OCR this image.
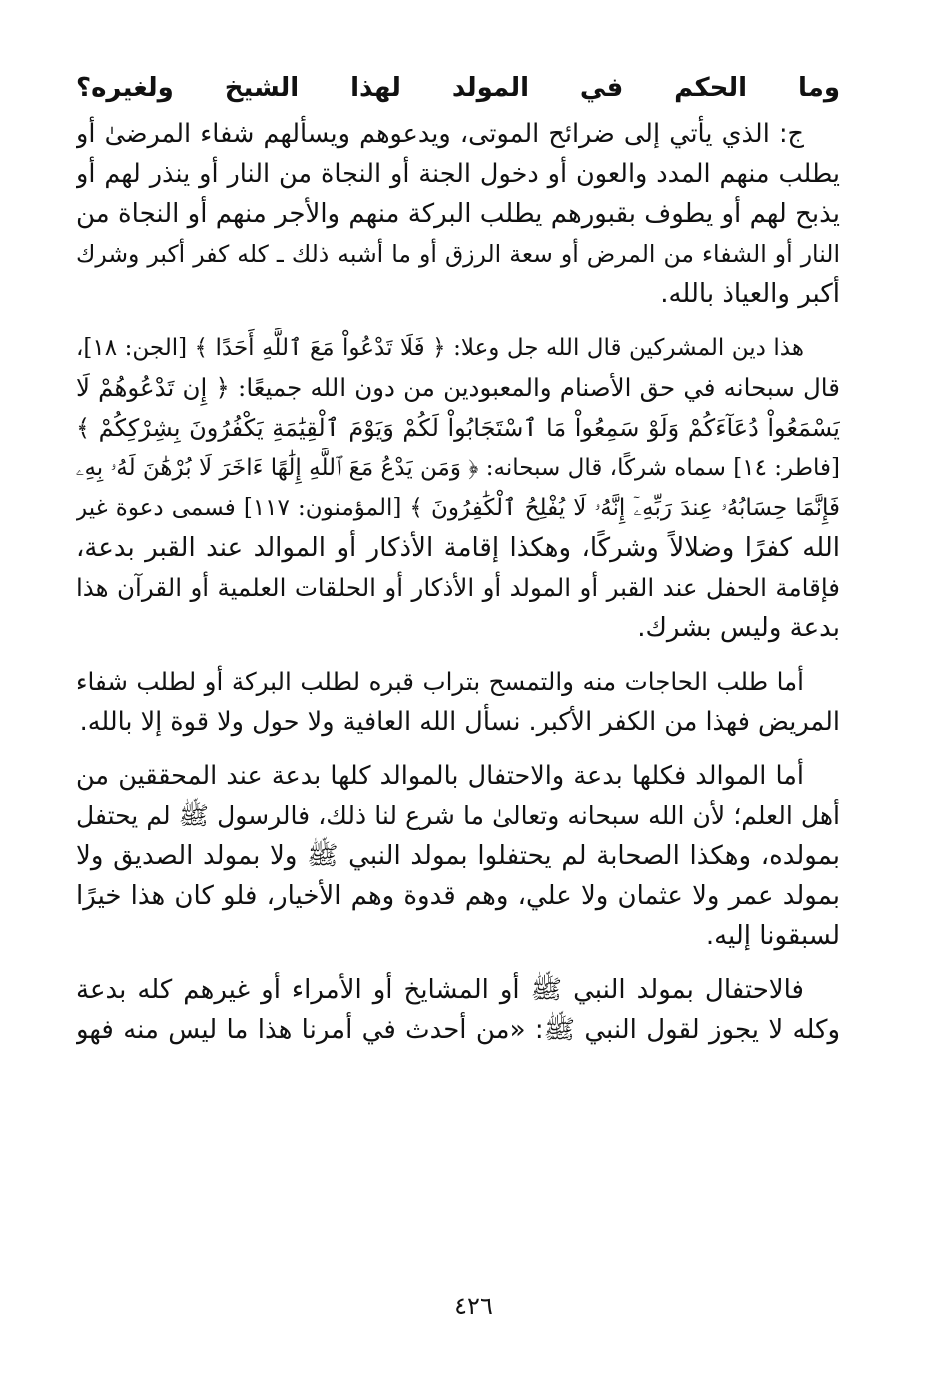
وما الحكم في المولد لهذا الشيخ ولغيره؟
ج: الذي يأتي إلى ضرائح الموتى، ويدعوهم ويسألهم شفاء المرضىٰ أو
يطلب منهم المدد والعون أو دخول الجنة أو النجاة من النار أو ينذر لهم أو
يذبح لهم أو يطوف بقبورهم يطلب البركة منهم والأجر منهم أو النجاة من
النار أو الشفاء من المرض أو سعة الرزق أو ما أشبه ذلك ـ كله كفر أكبر وشرك
أكبر والعياذ بالله.
هذا دين المشركين قال الله جل وعلا: ﴿ فَلَا تَدْعُواْ مَعَ ٱللَّهِ أَحَدًا ﴾ [الجن: ١٨]،
قال سبحانه في حق الأصنام والمعبودين من دون الله جميعًا: ﴿ إِن تَدْعُوهُمْ لَا
يَسْمَعُواْ دُعَآءَكُمْ وَلَوْ سَمِعُواْ مَا ٱسْتَجَابُواْ لَكُمْ وَيَوْمَ ٱلْقِيَٰمَةِ يَكْفُرُونَ بِشِرْكِكُمْ ﴾
[فاطر: ١٤] سماه شركًا، قال سبحانه: ﴿ وَمَن يَدْعُ مَعَ ٱللَّهِ إِلَٰهًا ءَاخَرَ لَا بُرْهَٰنَ لَهُۥ بِهِۦ
فَإِنَّمَا حِسَابُهُۥ عِندَ رَبِّهِۦٓ إِنَّهُۥ لَا يُفْلِحُ ٱلْكَٰفِرُونَ ﴾ [المؤمنون: ١١٧] فسمى دعوة غير
الله كفرًا وضلالاً وشركًا، وهكذا إقامة الأذكار أو الموالد عند القبر بدعة،
فإقامة الحفل عند القبر أو المولد أو الأذكار أو الحلقات العلمية أو القرآن هذا
بدعة وليس بشرك.
أما طلب الحاجات منه والتمسح بتراب قبره لطلب البركة أو لطلب شفاء
المريض فهذا من الكفر الأكبر. نسأل الله العافية ولا حول ولا قوة إلا بالله.
أما الموالد فكلها بدعة والاحتفال بالموالد كلها بدعة عند المحققين من
أهل العلم؛ لأن الله سبحانه وتعالىٰ ما شرع لنا ذلك، فالرسول ﷺ لم يحتفل
بمولده، وهكذا الصحابة لم يحتفلوا بمولد النبي ﷺ ولا بمولد الصديق ولا
بمولد عمر ولا عثمان ولا علي، وهم قدوة وهم الأخيار، فلو كان هذا خيرًا
لسبقونا إليه.
فالاحتفال بمولد النبي ﷺ أو المشايخ أو الأمراء أو غيرهم كله بدعة
وكله لا يجوز لقول النبي ﷺ: «من أحدث في أمرنا هذا ما ليس منه فهو
٤٢٦
